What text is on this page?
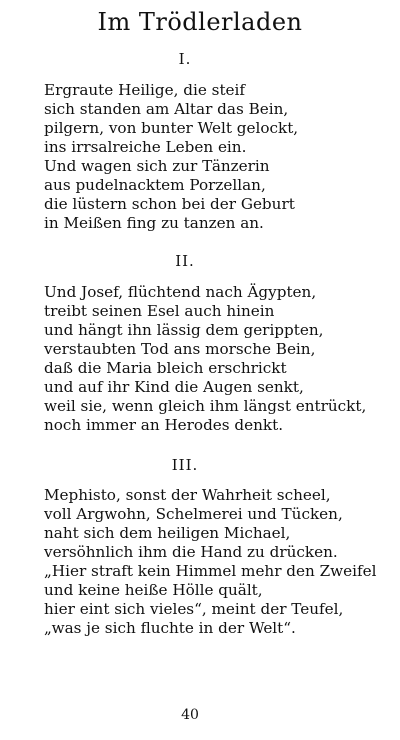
Im Trödlerladen
I.
Ergraute Heilige, die steif
sich standen am Altar das Bein,
pilgern, von bunter Welt gelockt,
ins irrsalreiche Leben ein.
Und wagen sich zur Tänzerin
aus pudelnacktem Porzellan,
die lüstern schon bei der Geburt
in Meißen fing zu tanzen an.
II.
Und Josef, flüchtend nach Ägypten,
treibt seinen Esel auch hinein
und hängt ihn lässig dem gerippten,
verstaubten Tod ans morsche Bein,
daß die Maria bleich erschrickt
und auf ihr Kind die Augen senkt,
weil sie, wenn gleich ihm längst entrückt,
noch immer an Herodes denkt.
III.
Mephisto, sonst der Wahrheit scheel,
voll Argwohn, Schelmerei und Tücken,
naht sich dem heiligen Michael,
versöhnlich ihm die Hand zu drücken.
„Hier straft kein Himmel mehr den Zweifel
und keine heiße Hölle quält,
hier eint sich vieles“, meint der Teufel,
„was je sich fluchte in der Welt“.
40
